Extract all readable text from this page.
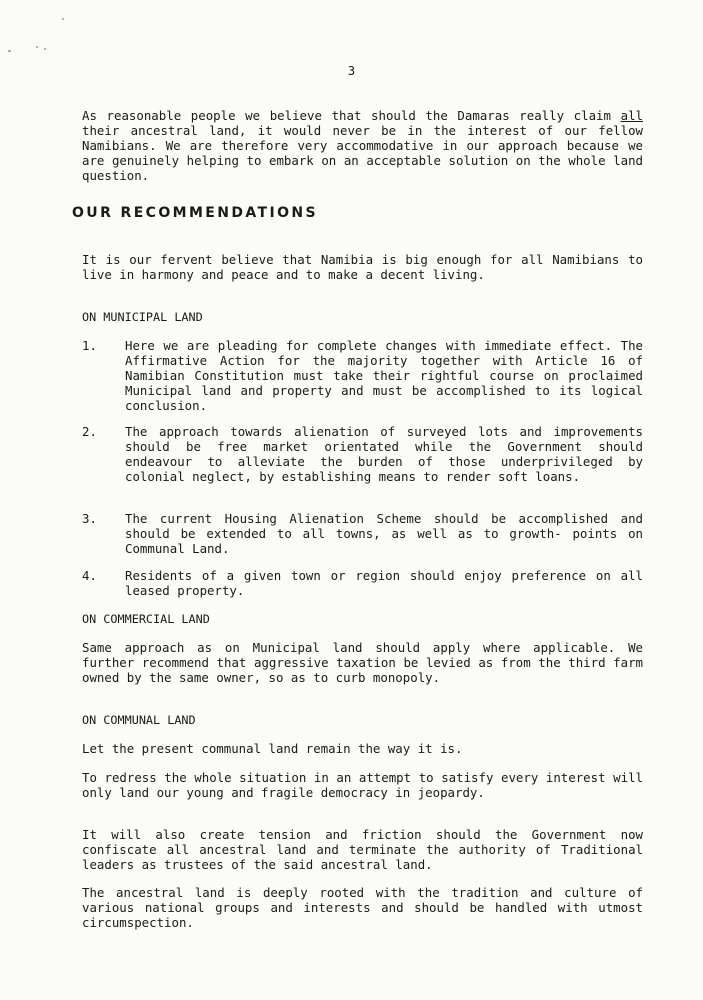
3

As reasonable people we believe that should the Damaras really claim all their ancestral land, it would never be in the interest of our fellow Namibians. We are therefore very accommodative in our approach because we are genuinely helping to embark on an acceptable solution on the whole land question.

OUR RECOMMENDATIONS
It is our fervent believe that Namibia is big enough for all Namibians to live in harmony and peace and to make a decent living.
ON MUNICIPAL LAND
1.	Here we are pleading for complete changes with immediate effect. The Affirmative Action for the majority together with Article 16 of Namibian Constitution must take their rightful course on proclaimed Municipal land and property and must be accomplished to its logical conclusion.
2.	The approach towards alienation of surveyed lots and improvements should be free market orientated while the Government should endeavour to alleviate the burden of those underprivileged by colonial neglect, by establishing means to render soft loans.
3.	The current Housing Alienation Scheme should be accomplished and should be extended to all towns, as well as to growth- points on Communal Land.
4.	Residents of a given town or region should enjoy preference on all leased property.
ON COMMERCIAL LAND
Same approach as on Municipal land should apply where applicable. We further recommend that aggressive taxation be levied as from the third farm owned by the same owner, so as to curb monopoly.
ON COMMUNAL LAND
Let the present communal land remain the way it is.
To redress the whole situation in an attempt to satisfy every interest will only land our young and fragile democracy in jeopardy.
It will also create tension and friction should the Government now confiscate all ancestral land and terminate the authority of Traditional leaders as trustees of the said ancestral land.
The ancestral land is deeply rooted with the tradition and culture of various national groups and interests and should be handled with utmost circumspection.
